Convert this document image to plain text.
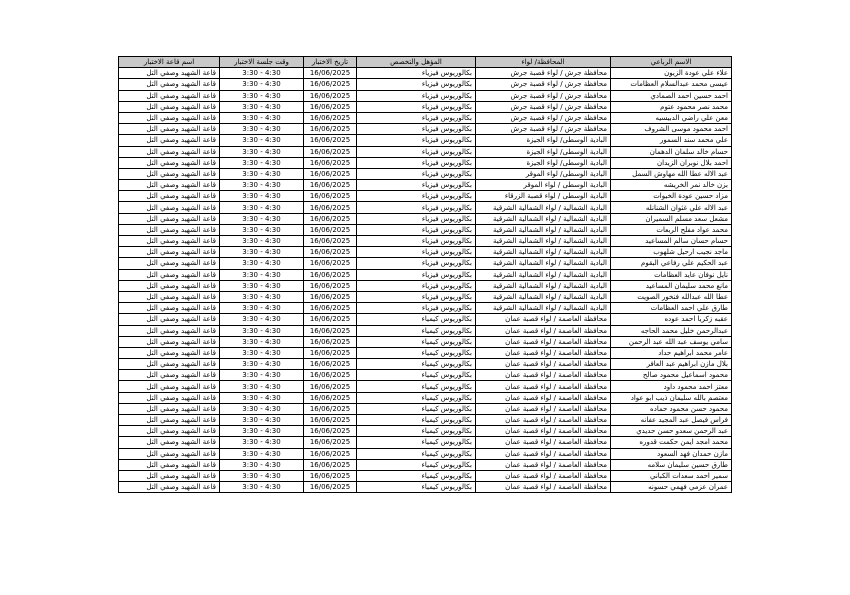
الاسم الرباعي	المحافظة/ لواء	المؤهل والتخصص	تاريخ الاختبار	وقت جلسة الاختبار	اسم قاعة الاختبار
علاء علي عودة الزيون	محافظة جرش / لواء قصبة جرش	بكالوريوس فيزياء	16/06/2025	3:30 - 4:30	قاعة الشهيد وصفي التل
عيسى محمد عبدالسلام العظامات	محافظة جرش / لواء قصبة جرش	بكالوريوس فيزياء	16/06/2025	3:30 - 4:30	قاعة الشهيد وصفي التل
احمد حسين احمد الصمادي	محافظة جرش / لواء قصبة جرش	بكالوريوس فيزياء	16/06/2025	3:30 - 4:30	قاعة الشهيد وصفي التل
محمد نصر محمود عتوم	محافظة جرش / لواء قصبة جرش	بكالوريوس فيزياء	16/06/2025	3:30 - 4:30	قاعة الشهيد وصفي التل
معن علي راضي الدبيسيه	محافظة جرش / لواء قصبة جرش	بكالوريوس فيزياء	16/06/2025	3:30 - 4:30	قاعة الشهيد وصفي التل
احمد محمود موسى الشروف	محافظة جرش / لواء قصبة جرش	بكالوريوس فيزياء	16/06/2025	3:30 - 4:30	قاعة الشهيد وصفي التل
علي محمد سند السمور	البادية الوسطى/ لواء الجيزة	بكالوريوس فيزياء	16/06/2025	3:30 - 4:30	قاعة الشهيد وصفي التل
حسام خالد سلمان الدهمان	البادية الوسطى/ لواء الجيزة	بكالوريوس فيزياء	16/06/2025	3:30 - 4:30	قاعة الشهيد وصفي التل
احمد بلال نوبران الزيدان	البادية الوسطى/ لواء الجيزة	بكالوريوس فيزياء	16/06/2025	3:30 - 4:30	قاعة الشهيد وصفي التل
عبد الاله عطا الله مهاوش السمل	البادية الوسطى/ لواء الموقر	بكالوريوس فيزياء	16/06/2025	3:30 - 4:30	قاعة الشهيد وصفي التل
بزن خالد نمر الخريشه	البادية الوسطى / لواء الموقر	بكالوريوس فيزياء	16/06/2025	3:30 - 4:30	قاعة الشهيد وصفي التل
مزاد حسين عودة الخيوات	البادية الوسطى / لواء قصبة الزرقاء	بكالوريوس فيزياء	16/06/2025	3:30 - 4:30	قاعة الشهيد وصفي التل
عبد الاله علي غثوان الشنانله	البادية الشمالية / لواء الشمالية الشرقية	بكالوريوس فيزياء	16/06/2025	3:30 - 4:30	قاعة الشهيد وصفي التل
مشعل سعد مسلم السميران	البادية الشمالية / لواء الشمالية الشرقية	بكالوريوس فيزياء	16/06/2025	3:30 - 4:30	قاعة الشهيد وصفي التل
محمد عواد مفلح الربعات	البادية الشمالية / لواء الشمالية الشرقية	بكالوريوس فيزياء	16/06/2025	3:30 - 4:30	قاعة الشهيد وصفي التل
حسام حسان سالم المساعيد	البادية الشمالية / لواء الشمالية الشرقية	بكالوريوس فيزياء	16/06/2025	3:30 - 4:30	قاعة الشهيد وصفي التل
ماجد نجيب ارحيل شلهوب	البادية الشمالية / لواء الشمالية الشرقية	بكالوريوس فيزياء	16/06/2025	3:30 - 4:30	قاعة الشهيد وصفي التل
عبد الحكيم علي رفاعي البقوم	البادية الشمالية / لواء الشمالية الشرقية	بكالوريوس فيزياء	16/06/2025	3:30 - 4:30	قاعة الشهيد وصفي التل
نايل نوفان عايد العظامات	البادية الشمالية / لواء الشمالية الشرقية	بكالوريوس فيزياء	16/06/2025	3:30 - 4:30	قاعة الشهيد وصفي التل
مانع محمد سليمان المساعيد	البادية الشمالية / لواء الشمالية الشرقية	بكالوريوس فيزياء	16/06/2025	3:30 - 4:30	قاعة الشهيد وصفي التل
عطا الله عبدالله فنخور الصويت	البادية الشمالية / لواء الشمالية الشرقية	بكالوريوس فيزياء	16/06/2025	3:30 - 4:30	قاعة الشهيد وصفي التل
طارق علي احمد العظامات	البادية الشمالية / لواء الشمالية الشرقية	بكالوريوس فيزياء	16/06/2025	3:30 - 4:30	قاعة الشهيد وصفي التل
عقبه زكريا احمد عوده	محافظة العاصمة / لواء قصبة عمان	بكالوريوس كيمياء	16/06/2025	3:30 - 4:30	قاعة الشهيد وصفي التل
عبدالرحمن خليل محمد الحاجه	محافظة العاصمة / لواء قصبة عمان	بكالوريوس كيمياء	16/06/2025	3:30 - 4:30	قاعة الشهيد وصفي التل
سامي يوسف عبد الله عبد الرحمن	محافظة العاصمة / لواء قصبة عمان	بكالوريوس كيمياء	16/06/2025	3:30 - 4:30	قاعة الشهيد وصفي التل
عامر محمد ابراهيم حداد	محافظة العاصمة / لواء قصبة عمان	بكالوريوس كيمياء	16/06/2025	3:30 - 4:30	قاعة الشهيد وصفي التل
بلال مازن ابراهيم عبد العافر	محافظة العاصمة / لواء قصبة عمان	بكالوريوس كيمياء	16/06/2025	3:30 - 4:30	قاعة الشهيد وصفي التل
محمود اسماعيل محمود صالح	محافظة العاصمة / لواء قصبة عمان	بكالوريوس كيمياء	16/06/2025	3:30 - 4:30	قاعة الشهيد وصفي التل
معتز احمد محمود داود	محافظة العاصمة / لواء قصبة عمان	بكالوريوس كيمياء	16/06/2025	3:30 - 4:30	قاعة الشهيد وصفي التل
معتصم بالله سليمان ذيب ابو عواد	محافظة العاصمة / لواء قصبة عمان	بكالوريوس كيمياء	16/06/2025	3:30 - 4:30	قاعة الشهيد وصفي التل
محمود حسن محمود حماده	محافظة العاصمة / لواء قصبة عمان	بكالوريوس كيمياء	16/06/2025	3:30 - 4:30	قاعة الشهيد وصفي التل
فراس فيصل عبد المجيد عفانه	محافظة العاصمة / لواء قصبة عمان	بكالوريوس كيمياء	16/06/2025	3:30 - 4:30	قاعة الشهيد وصفي التل
عبد الرحمن سعدو حسن حديدي	محافظة العاصمة / لواء قصبة عمان	بكالوريوس كيمياء	16/06/2025	3:30 - 4:30	قاعة الشهيد وصفي التل
محمد امجد ايمن حكمت قدوره	محافظة العاصمة / لواء قصبة عمان	بكالوريوس كيمياء	16/06/2025	3:30 - 4:30	قاعة الشهيد وصفي التل
مازن حمدان فهد السعود	محافظة العاصمة / لواء قصبة عمان	بكالوريوس كيمياء	16/06/2025	3:30 - 4:30	قاعة الشهيد وصفي التل
طارق حسين سليمان سلامه	محافظة العاصمة / لواء قصبة عمان	بكالوريوس كيمياء	16/06/2025	3:30 - 4:30	قاعة الشهيد وصفي التل
سمير احمد سعدات الكباني	محافظة العاصمة / لواء قصبة عمان	بكالوريوس كيمياء	16/06/2025	3:30 - 4:30	قاعة الشهيد وصفي التل
عمران عزمي فهمي حسونه	محافظة العاصمة / لواء قصبة عمان	بكالوريوس كيمياء	16/06/2025	3:30 - 4:30	قاعة الشهيد وصفي التل
